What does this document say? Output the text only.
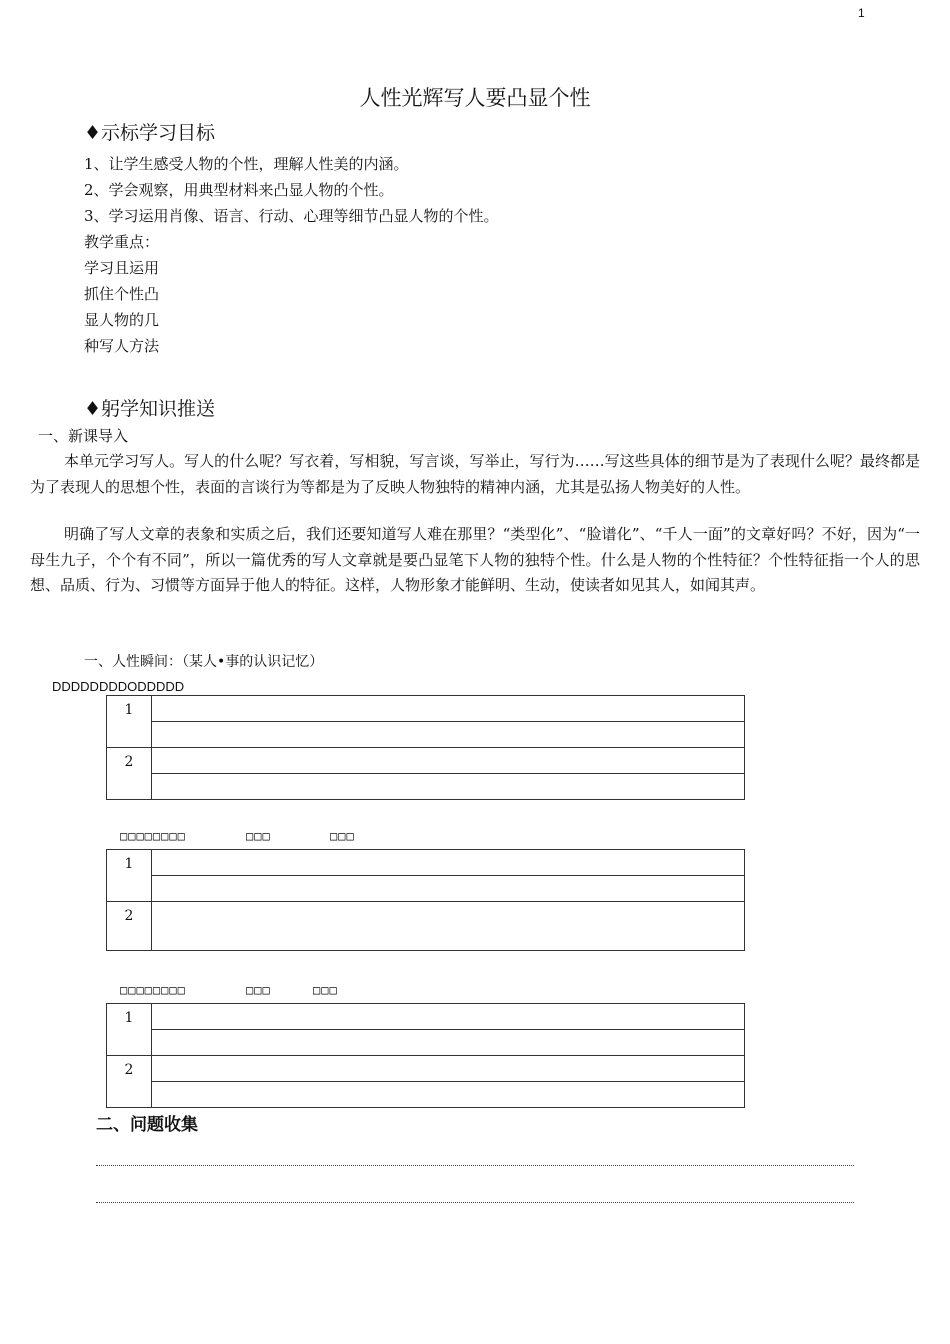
1
人性光辉写人要凸显个性
♦示标学习目标
1、让学生感受人物的个性，理解人性美的内涵。
2、学会观察，用典型材料来凸显人物的个性。
3、学习运用肖像、语言、行动、心理等细节凸显人物的个性。
教学重点：
学习且运用
抓住个性凸
显人物的几
种写人方法
♦躬学知识推送
一、新课导入
本单元学习写人。写人的什么呢？写衣着，写相貌，写言谈，写举止，写行为……写这些具体的细节是为了表现什么呢？最终都是为了表现人的思想个性，表面的言谈行为等都是为了反映人物独特的精神内涵，尤其是弘扬人物美好的人性。
明确了写人文章的表象和实质之后，我们还要知道写人难在那里？“类型化”、“脸谱化”、“千人一面”的文章好吗？不好，因为“一母生九子，个个有不同”，所以一篇优秀的写人文章就是要凸显笔下人物的独特个性。什么是人物的个性特征？个性特征指一个人的思想、品质、行为、习惯等方面异于他人的特征。这样，人物形象才能鲜明、生动，使读者如见其人，如闻其声。
一、人性瞬间：（某人•事的认识记忆）
DDDDDDDDODDDDD
1	

2	

□□□□□□□□	□□□	□□□
1	

2	
□□□□□□□□	□□□	□□□
1	

2	

二、问题收集
